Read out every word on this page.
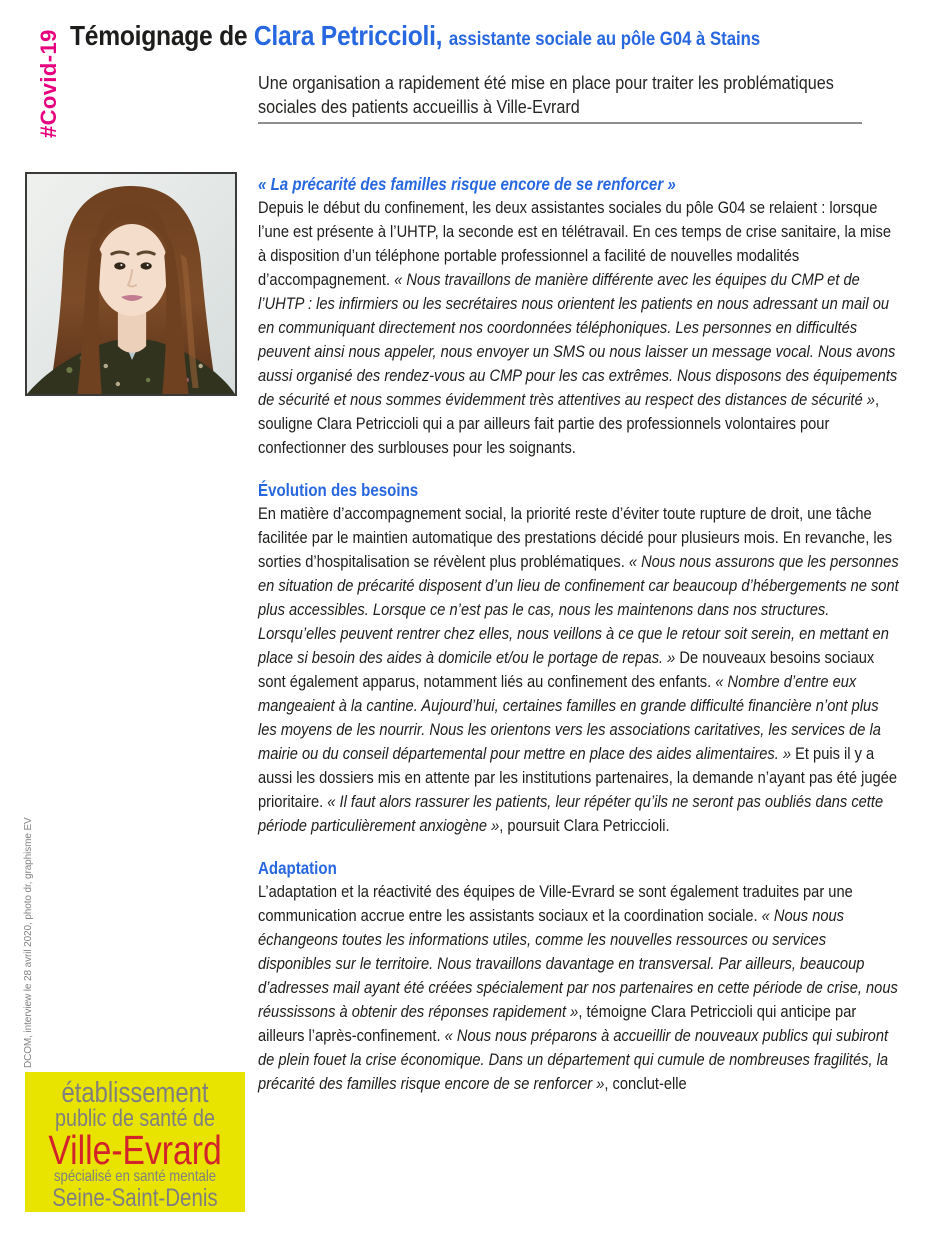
#Covid-19 Témoignage de Clara Petriccioli, assistante sociale au pôle G04 à Stains
Une organisation a rapidement été mise en place pour traiter les problématiques
sociales des patients accueillis à Ville-Evrard
« La précarité des familles risque encore de se renforcer »

Depuis le début du confinement, les deux assistantes sociales du pôle G04 se relaient : lorsque l’une est présente à l’UHTP, la seconde est en télétravail. En ces temps de crise sanitaire, la mise à disposition d’un téléphone portable professionnel a facilité de nouvelles modalités d’accompagnement. « Nous travaillons de manière différente avec les équipes du CMP et de l’UHTP : les infirmiers ou les secrétaires nous orientent les patients en nous adressant un mail ou en communiquant directement nos coordonnées téléphoniques. Les personnes en difficultés peuvent ainsi nous appeler, nous envoyer un SMS ou nous laisser un message vocal. Nous avons aussi organisé des rendez-vous au CMP pour les cas extrêmes. Nous disposons des équipements de sécurité et nous sommes évidemment très attentives au respect des distances de sécurité », souligne Clara Petriccioli qui a par ailleurs fait partie des professionnels volontaires pour confectionner des surblouses pour les soignants.

Évolution des besoins

En matière d’accompagnement social, la priorité reste d’éviter toute rupture de droit, une tâche facilitée par le maintien automatique des prestations décidé pour plusieurs mois. En revanche, les sorties d’hospitalisation se révèlent plus problématiques. « Nous nous assurons que les personnes en situation de précarité disposent d’un lieu de confinement car beaucoup d’hébergements ne sont plus accessibles. Lorsque ce n’est pas le cas, nous les maintenons dans nos structures. Lorsqu’elles peuvent rentrer chez elles, nous veillons à ce que le retour soit serein, en mettant en place si besoin des aides à domicile et/ou le portage de repas. » De nouveaux besoins sociaux sont également apparus, notamment liés au confinement des enfants. « Nombre d’entre eux mangeaient à la cantine. Aujourd’hui, certaines familles en grande difficulté financière n’ont plus les moyens de les nourrir. Nous les orientons vers les associations caritatives, les services de la mairie ou du conseil départemental pour mettre en place des aides alimentaires. » Et puis il y a aussi les dossiers mis en attente par les institutions partenaires, la demande n’ayant pas été jugée prioritaire. « Il faut alors rassurer les patients, leur répéter qu’ils ne seront pas oubliés dans cette période particulièrement anxiogène », poursuit Clara Petriccioli.

Adaptation

L’adaptation et la réactivité des équipes de Ville-Evrard se sont également traduites par une communication accrue entre les assistants sociaux et la coordination sociale. « Nous nous échangeons toutes les informations utiles, comme les nouvelles ressources ou services disponibles sur le territoire. Nous travaillons davantage en transversal. Par ailleurs, beaucoup d’adresses mail ayant été créées spécialement par nos partenaires en cette période de crise, nous réussissons à obtenir des réponses rapidement », témoigne Clara Petriccioli qui anticipe par ailleurs l’après-confinement. « Nous nous préparons à accueillir de nouveaux publics qui subiront de plein fouet la crise économique. Dans un département qui cumule de nombreuses fragilités, la précarité des familles risque encore de se renforcer », conclut-elle

DCOM, interview le 28 avril 2020, photo dr, graphisme EV
établissement
public de santé de
Ville-Evrard
spécialisé en santé mentale
Seine-Saint-Denis
